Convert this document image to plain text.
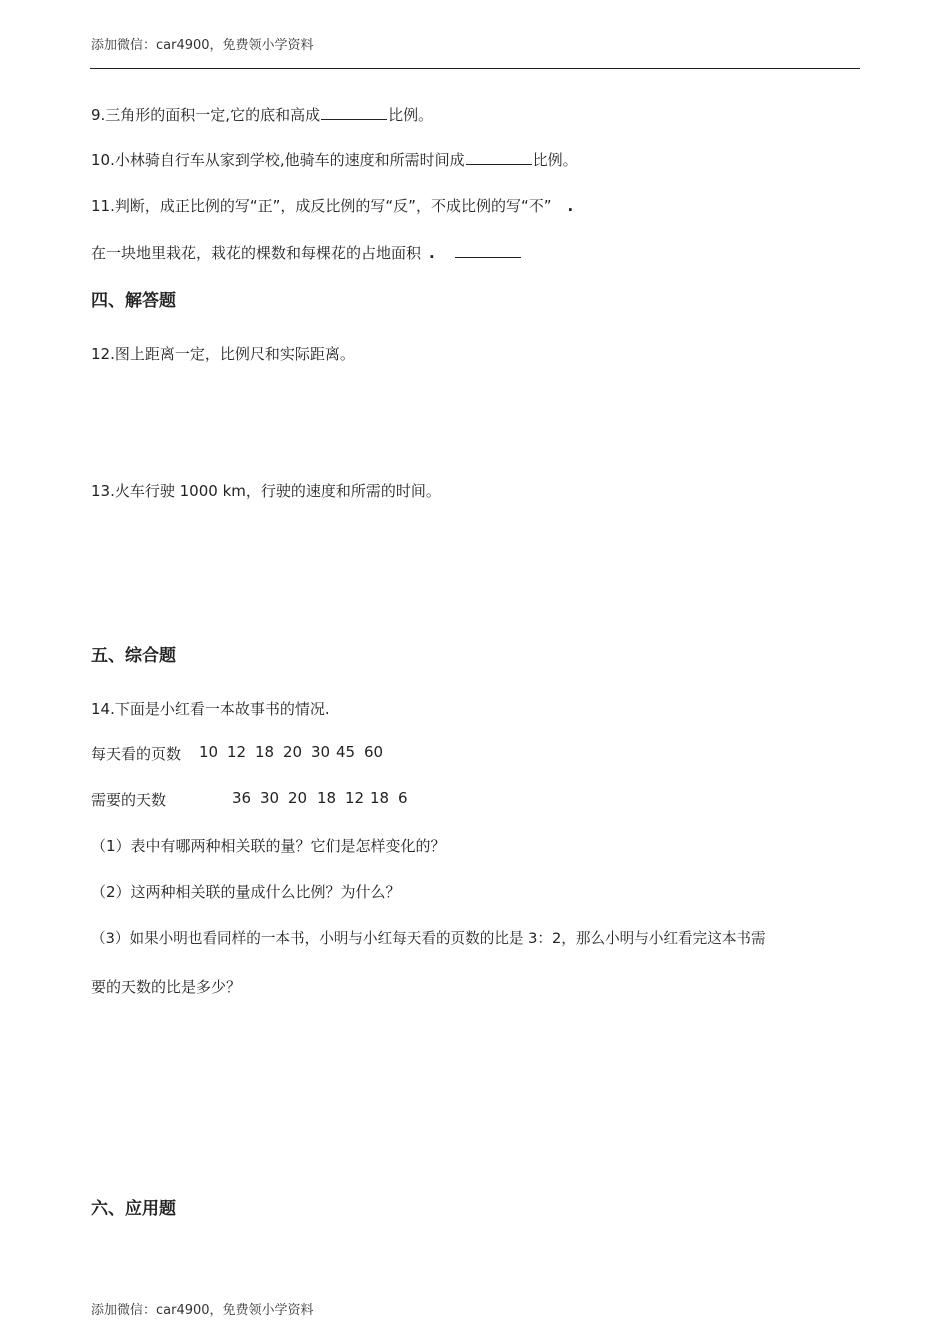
添加微信：car4900，免费领小学资料
9.三角形的面积一定,它的底和高成	比例。
10.小林骑自行车从家到学校,他骑车的速度和所需时间成	比例。
11.判断，成正比例的写“正”，成反比例的写“反”，不成比例的写“不” .
在一块地里栽花，栽花的棵数和每棵花的占地面积 .
四、解答题
12.图上距离一定，比例尺和实际距离。
13.火车行驶 1000 km，行驶的速度和所需的时间。
五、综合题
14.下面是小红看一本故事书的情况.
每天看的页数 10 12 18 20 30 45 60
需要的天数	36 30 20 18 12 18 6
（1）表中有哪两种相关联的量？它们是怎样变化的？
（2）这两种相关联的量成什么比例？为什么？
（3）如果小明也看同样的一本书，小明与小红每天看的页数的比是 3：2，那么小明与小红看完这本书需
要的天数的比是多少？
六、应用题
添加微信：car4900，免费领小学资料
